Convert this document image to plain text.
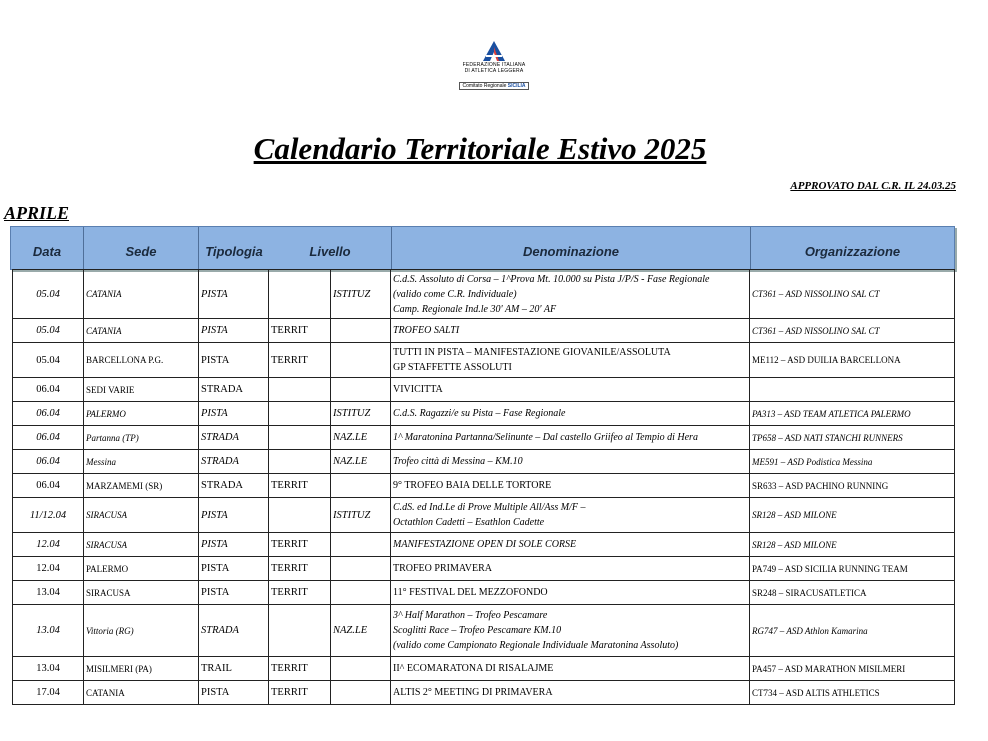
FEDERAZIONE ITALIANA
DI ATLETICA LEGGERA
Comitato Regionale SICILIA
Calendario Territoriale Estivo 2025
APPROVATO DAL C.R. IL 24.03.25
APRILE
Data	Sede	Tipologia	Livello	Denominazione	Organizzazione
05.04	CATANIA	PISTA		ISTITUZ	C.d.S. Assoluto di Corsa – 1^Prova Mt. 10.000 su Pista J/P/S - Fase Regionale
(valido come C.R. Individuale)
Camp. Regionale Ind.le 30' AM – 20' AF	CT361 – ASD NISSOLINO SAL CT
05.04	CATANIA	PISTA	TERRIT		TROFEO SALTI	CT361 – ASD NISSOLINO SAL CT
05.04	BARCELLONA P.G.	PISTA	TERRIT		TUTTI IN PISTA – MANIFESTAZIONE GIOVANILE/ASSOLUTA
GP STAFFETTE ASSOLUTI	ME112 – ASD DUILIA BARCELLONA
06.04	SEDI VARIE	STRADA			VIVICITTA	

06.04	PALERMO	PISTA		ISTITUZ	C.d.S. Ragazzi/e su Pista – Fase Regionale	PA313 – ASD TEAM ATLETICA PALERMO
06.04	Partanna (TP)	STRADA		NAZ.LE	1^ Maratonina Partanna/Selinunte – Dal castello Griifeo al Tempio di Hera	TP658 – ASD NATI STANCHI RUNNERS
06.04	Messina	STRADA		NAZ.LE	Trofeo città di Messina – KM.10	ME591 – ASD Podistica Messina
06.04	MARZAMEMI (SR)	STRADA	TERRIT		9° TROFEO BAIA DELLE TORTORE	SR633 – ASD PACHINO RUNNING
11/12.04	SIRACUSA	PISTA		ISTITUZ	C.dS. ed Ind.Le di Prove Multiple All/Ass M/F –
Octathlon Cadetti – Esathlon Cadette	SR128 – ASD MILONE
12.04	SIRACUSA	PISTA	TERRIT		MANIFESTAZIONE OPEN DI SOLE CORSE	SR128 – ASD MILONE
12.04	PALERMO	PISTA	TERRIT		TROFEO PRIMAVERA	PA749 – ASD SICILIA RUNNING TEAM
13.04	SIRACUSA	PISTA	TERRIT		11° FESTIVAL DEL MEZZOFONDO	SR248 – SIRACUSATLETICA
13.04	Vittoria (RG)	STRADA		NAZ.LE	3^ Half Marathon – Trofeo Pescamare
Scoglitti Race – Trofeo Pescamare KM.10
(valido come Campionato Regionale Individuale Maratonina Assoluto)	RG747 – ASD Athlon Kamarina
13.04	MISILMERI (PA)	TRAIL	TERRIT		II^ ECOMARATONA DI RISALAJME	PA457 – ASD MARATHON MISILMERI
17.04	CATANIA	PISTA	TERRIT		ALTIS 2° MEETING DI PRIMAVERA	CT734 – ASD ALTIS ATHLETICS
